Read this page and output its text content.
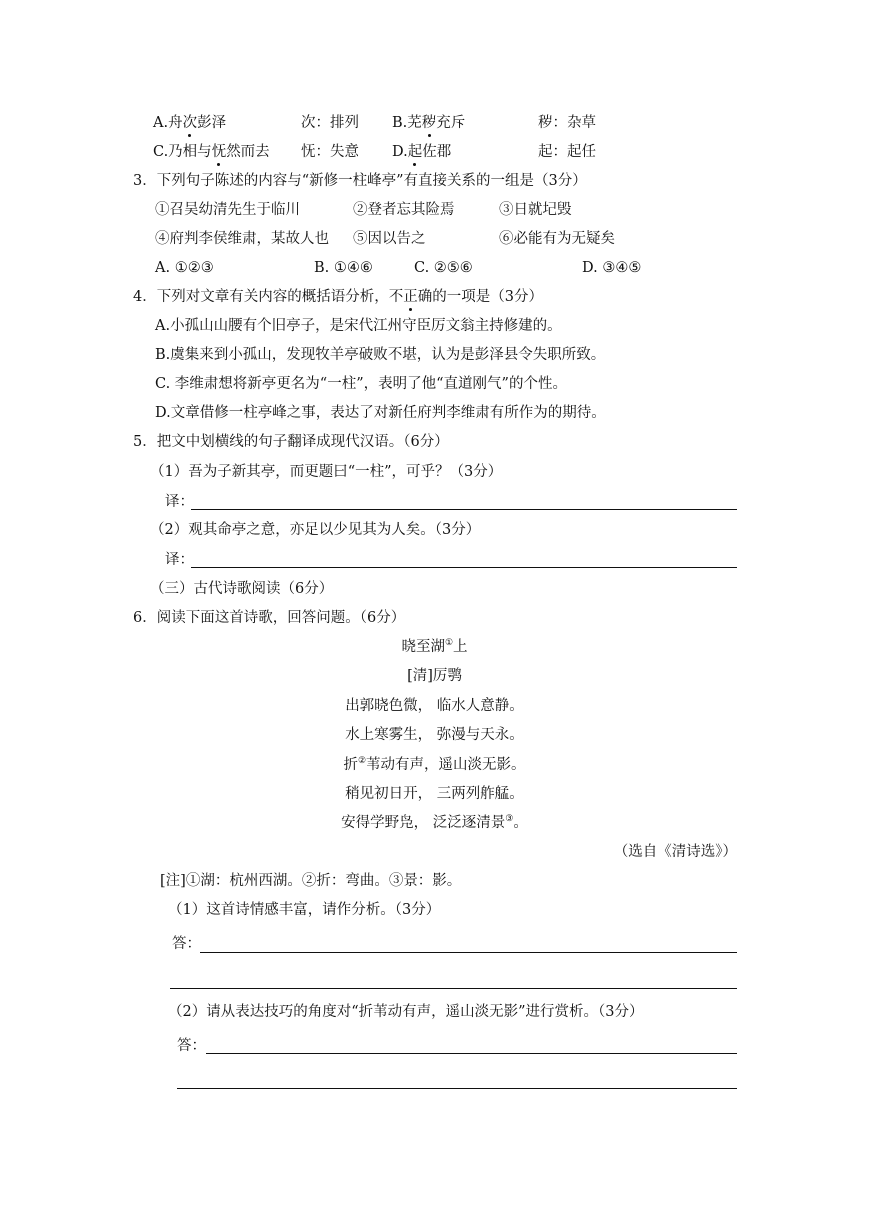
A.舟次彭泽	次：排列 B.芜秽充斥	秽：杂草
C.乃相与怃然而去 怃：失意 D.起佐郡	起：起任
3．下列句子陈述的内容与“新修一柱峰亭”有直接关系的一组是（3分）
①召吴幼清先生于临川	②登者忘其险焉	③日就圮毁
④府判李侯维肃，某故人也 ⑤因以告之	⑥必能有为无疑矣
A. ①②③	B. ①④⑥	C. ②⑤⑥	D. ③④⑤
4．下列对文章有关内容的概括语分析，不正确的一项是（3分）
A.小孤山山腰有个旧亭子，是宋代江州守臣厉文翁主持修建的。
B.虞集来到小孤山，发现牧羊亭破败不堪，认为是彭泽县令失职所致。
C. 李维肃想将新亭更名为“一柱”，表明了他“直道刚气”的个性。
D.文章借修一柱亭峰之事，表达了对新任府判李维肃有所作为的期待。
5．把文中划横线的句子翻译成现代汉语。（6分）
（1）吾为子新其亭，而更题曰“一柱”，可乎？（3分）
译：
（2）观其命亭之意，亦足以少见其为人矣。（3分）
译：
（三）古代诗歌阅读（6分）
6．阅读下面这首诗歌，回答问题。（6分）
晓至湖①上
[清]厉鹗
出郭晓色微， 临水人意静。
水上寒雾生， 弥漫与天永。
折②苇动有声，遥山淡无影。
稍见初日开， 三两列舴艋。
安得学野凫， 泛泛逐清景③。
（选自《清诗选》）
[注]①湖：杭州西湖。②折：弯曲。③景：影。
（1）这首诗情感丰富，请作分析。（3分）
答：
（2）请从表达技巧的角度对“折苇动有声，遥山淡无影”进行赏析。（3分）
答：
